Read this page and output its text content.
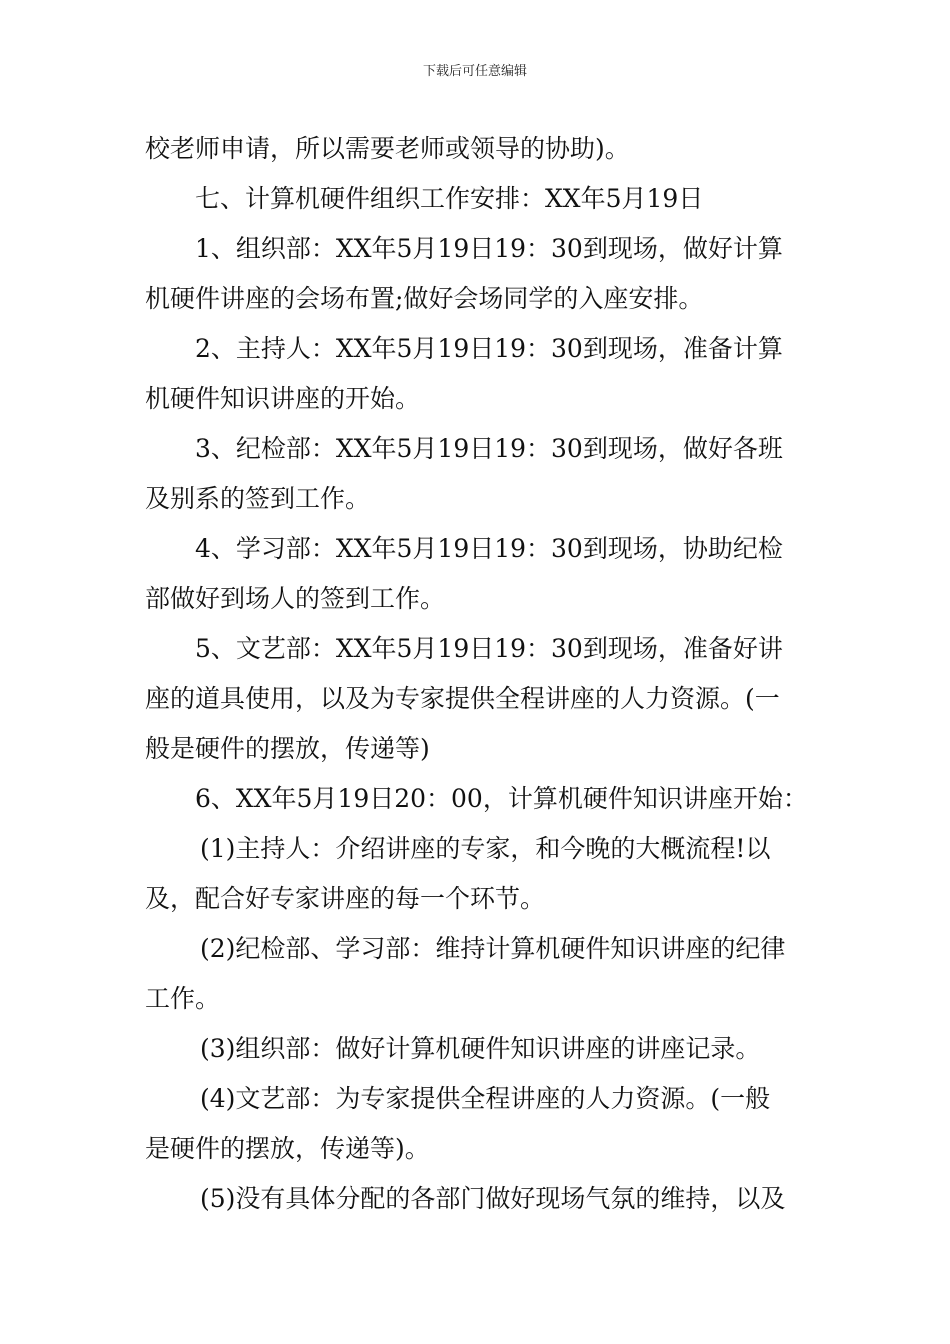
下载后可任意编辑
校老师申请，所以需要老师或领导的协助)。
七、计算机硬件组织工作安排：XX年5月19日
1、组织部：XX年5月19日19：30到现场，做好计算
机硬件讲座的会场布置;做好会场同学的入座安排。
2、主持人：XX年5月19日19：30到现场，准备计算
机硬件知识讲座的开始。
3、纪检部：XX年5月19日19：30到现场，做好各班
及别系的签到工作。
4、学习部：XX年5月19日19：30到现场，协助纪检
部做好到场人的签到工作。
5、文艺部：XX年5月19日19：30到现场，准备好讲
座的道具使用，以及为专家提供全程讲座的人力资源。(一
般是硬件的摆放，传递等)
6、XX年5月19日20：00，计算机硬件知识讲座开始：
(1)主持人：介绍讲座的专家，和今晚的大概流程!以
及，配合好专家讲座的每一个环节。
(2)纪检部、学习部：维持计算机硬件知识讲座的纪律
工作。
(3)组织部：做好计算机硬件知识讲座的讲座记录。
(4)文艺部：为专家提供全程讲座的人力资源。(一般
是硬件的摆放，传递等)。
(5)没有具体分配的各部门做好现场气氛的维持，以及
